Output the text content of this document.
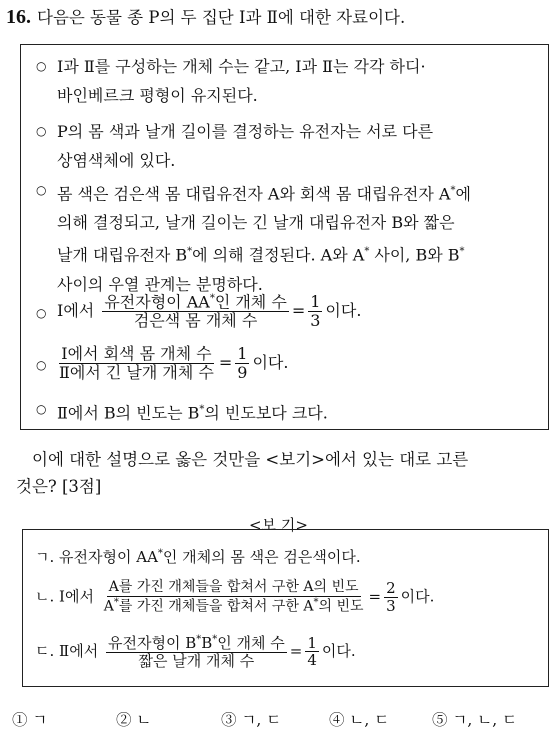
16. 다음은 동물 종 P의 두 집단 Ⅰ과 Ⅱ에 대한 자료이다.
○ Ⅰ과 Ⅱ를 구성하는 개체 수는 같고, Ⅰ과 Ⅱ는 각각 하디·
바인베르크 평형이 유지된다.
○ P의 몸 색과 날개 길이를 결정하는 유전자는 서로 다른
상염색체에 있다.
○ 몸 색은 검은색 몸 대립유전자 A와 회색 몸 대립유전자 A*에
의해 결정되고, 날개 길이는 긴 날개 대립유전자 B와 짧은
날개 대립유전자 B*에 의해 결정된다. A와 A* 사이, B와 B*
사이의 우열 관계는 분명하다.
○ Ⅰ에서 $\frac{유전자형이 AA^*인 개체 수}{\text{검은색 몸 개체 수}} = \frac{1}{3}$ 이다.
○ $\frac{\text{Ⅰ에서 회색 몸 개체 수}}{\text{Ⅱ에서 긴 날개 개체 수}} = \frac{1}{9}$ 이다.
○ Ⅱ에서 B의 빈도는 B*의 빈도보다 크다.

이에 대한 설명으로 옳은 것만을 <보기>에서 있는 대로 고른

것은? [3점]

<보 기>
ㄱ. 유전자형이 AA*인 개체의 몸 색은 검은색이다.
ㄴ. Ⅰ에서 $\frac{\text{A를 가진 개체들을 합쳐서 구한 A의 빈도}}{A^*를 가진 개체들을 합쳐서 구한 A^*의 빈도} = \frac{2}{3}$ 이다.
ㄷ. Ⅱ에서 $\frac{유전자형이 B^*B^*인 개체 수}{\text{짧은 날개 개체 수}} = \frac{1}{4}$ 이다.
① ㄱ	② ㄴ	③ ㄱ, ㄷ	④ ㄴ, ㄷ	⑤ ㄱ, ㄴ, ㄷ
